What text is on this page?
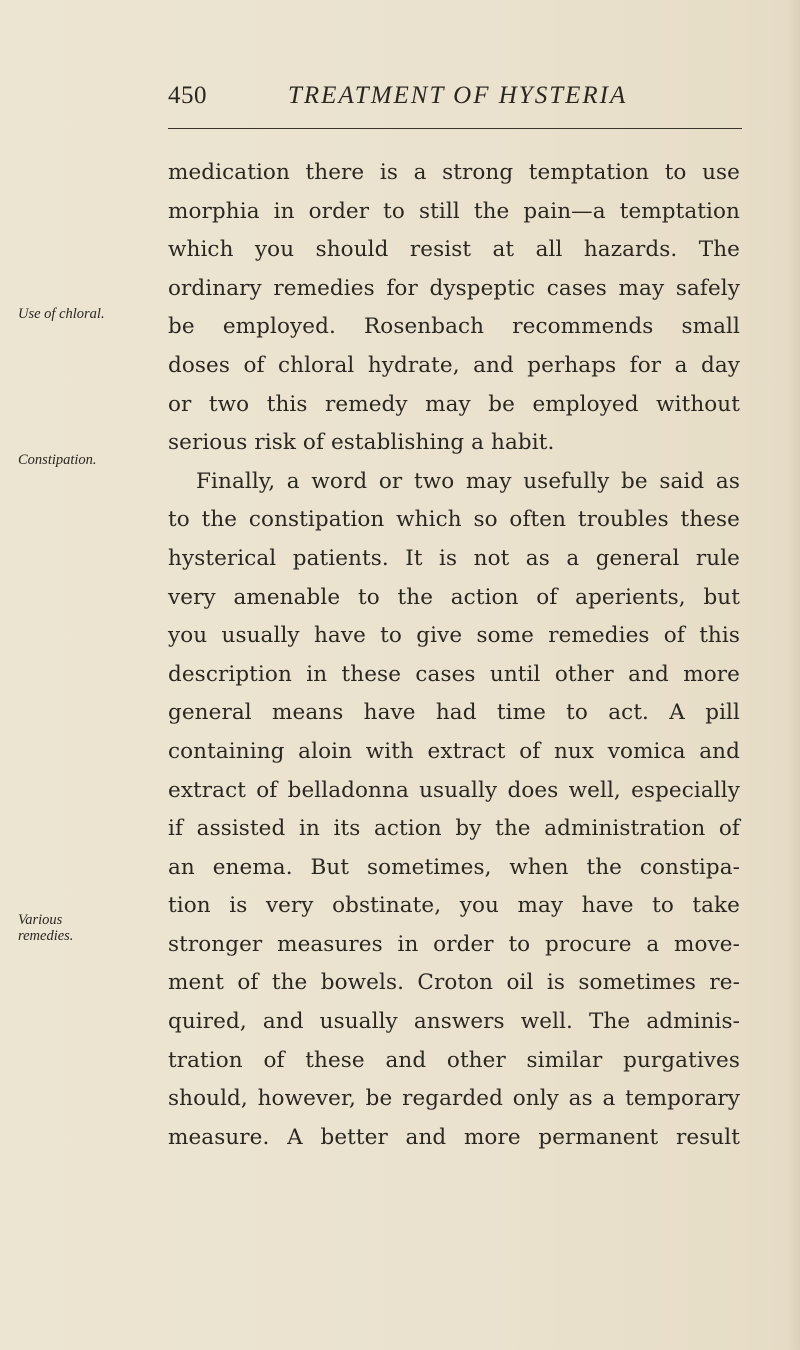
450	TREATMENT OF HYSTERIA
Use of chloral.
Constipation.
Various remedies.
medication there is a strong temptation to use
morphia in order to still the pain—a temptation
which you should resist at all hazards. The
ordinary remedies for dyspeptic cases may safely
be employed. Rosenbach recommends small
doses of chloral hydrate, and perhaps for a day
or two this remedy may be employed without
serious risk of establishing a habit.
Finally, a word or two may usefully be said as
to the constipation which so often troubles these
hysterical patients. It is not as a general rule
very amenable to the action of aperients, but
you usually have to give some remedies of this
description in these cases until other and more
general means have had time to act. A pill
containing aloin with extract of nux vomica and
extract of belladonna usually does well, especially
if assisted in its action by the administration of
an enema. But sometimes, when the constipa-
tion is very obstinate, you may have to take
stronger measures in order to procure a move-
ment of the bowels. Croton oil is sometimes re-
quired, and usually answers well. The adminis-
tration of these and other similar purgatives
should, however, be regarded only as a temporary
measure. A better and more permanent result
